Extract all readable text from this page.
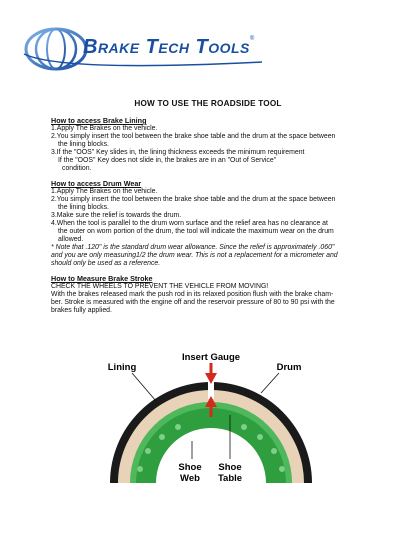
Brake Tech Tools®
HOW TO USE THE ROADSIDE TOOL
How to access Brake Lining

1.Apply The Brakes on the vehicle.

2.You simply insert the tool between the brake shoe table and the drum at the space between

the lining blocks.

3.If the "OOS" Key slides in, the lining thickness exceeds the minimum requirement

If the "OOS" Key does not slide in, the brakes are in an "Out of Service"

condition.

How to access Drum Wear

1.Apply The Brakes on the vehicle.

2.You simply insert the tool between the brake shoe table and the drum at the space between

the lining blocks.

3.Make sure the relief is towards the drum.

4.When the tool is parallel to the drum worn surface and the relief area has no clearance at

the outer on worn portion of the drum, the tool will indicate the maximum wear on the drum

allowed.

* Note that .120" is the standard drum wear allowance. Since the relief is approximately .060"

and you are only measuring1/2 the drum wear. This is not a replacement for a micrometer and

should only be used as a reference.

How to Measure Brake Stroke

CHECK THE WHEELS TO PREVENT THE VEHICLE FROM MOVING!

With the brakes released mark the push rod in its relaxed position flush with the brake cham-

ber. Stroke is measured with the engine off and the reservoir pressure of 80 to 90 psi with the

brakes fully applied.

Insert Gauge
Lining	Drum
Shoe
Web
Shoe
Table
